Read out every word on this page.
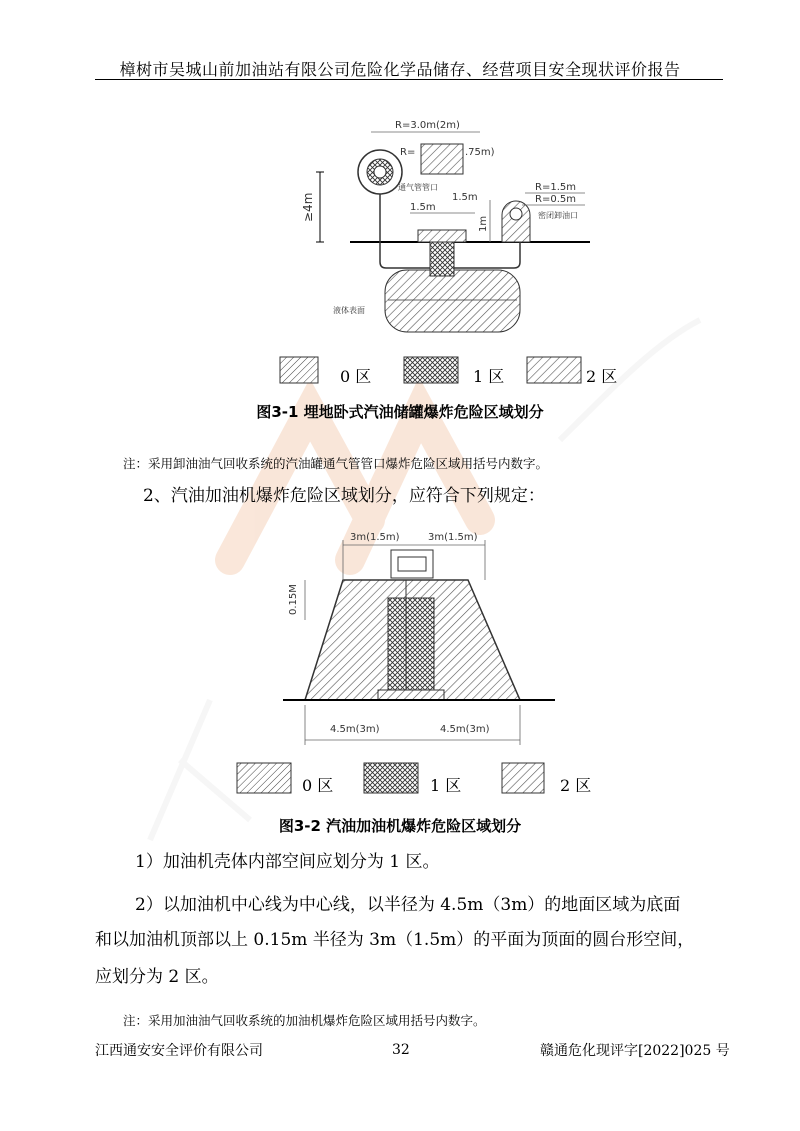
樟树市吴城山前加油站有限公司危险化学品储存、经营项目安全现状评价报告
R=3.0m(2m)
R=	.75m)
通气管管口
≥4m	1.5m
1.5m
1m
R=1.5m
R=0.5m
密闭卸油口
液体表面
3m(1.5m)	3m(1.5m)
0.15M
4.5m(3m)	4.5m(3m)
0 区	1 区	2 区
图3-1 埋地卧式汽油储罐爆炸危险区域划分
注：采用卸油油气回收系统的汽油罐通气管管口爆炸危险区域用括号内数字。
2、汽油加油机爆炸危险区域划分，应符合下列规定：
0 区	1 区	2 区
图3-2 汽油加油机爆炸危险区域划分
1）加油机壳体内部空间应划分为 1 区。
2）以加油机中心线为中心线，以半径为 4.5m（3m）的地面区域为底面
和以加油机顶部以上 0.15m 半径为 3m（1.5m）的平面为顶面的圆台形空间，
应划分为 2 区。
注：采用加油油气回收系统的加油机爆炸危险区域用括号内数字。
江西通安安全评价有限公司	32	赣通危化现评字[2022]025 号
